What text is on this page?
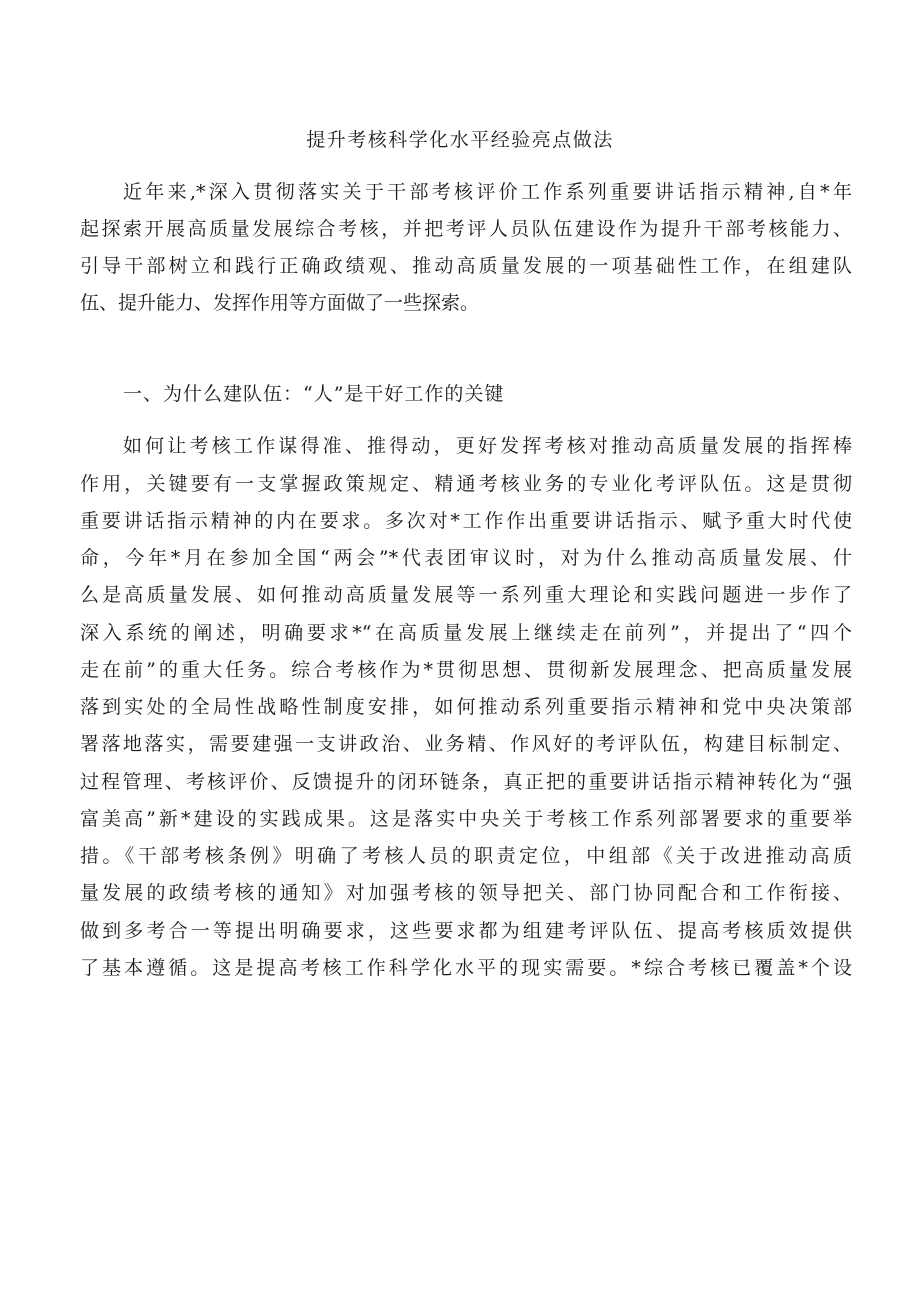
提升考核科学化水平经验亮点做法
近年来,*深入贯彻落实关于干部考核评价工作系列重要讲话指示精神,自*年
起探索开展高质量发展综合考核，并把考评人员队伍建设作为提升干部考核能力、
引导干部树立和践行正确政绩观、推动高质量发展的一项基础性工作，在组建队
伍、提升能力、发挥作用等方面做了一些探索。
一、为什么建队伍：“人”是干好工作的关键
如何让考核工作谋得准、推得动，更好发挥考核对推动高质量发展的指挥棒
作用，关键要有一支掌握政策规定、精通考核业务的专业化考评队伍。这是贯彻
重要讲话指示精神的内在要求。多次对*工作作出重要讲话指示、赋予重大时代使
命，今年*月在参加全国“两会”*代表团审议时，对为什么推动高质量发展、什
么是高质量发展、如何推动高质量发展等一系列重大理论和实践问题进一步作了
深入系统的阐述，明确要求*“在高质量发展上继续走在前列”，并提出了“四个
走在前”的重大任务。综合考核作为*贯彻思想、贯彻新发展理念、把高质量发展
落到实处的全局性战略性制度安排，如何推动系列重要指示精神和党中央决策部
署落地落实，需要建强一支讲政治、业务精、作风好的考评队伍，构建目标制定、
过程管理、考核评价、反馈提升的闭环链条，真正把的重要讲话指示精神转化为“强
富美高”新*建设的实践成果。这是落实中央关于考核工作系列部署要求的重要举
措。《干部考核条例》明确了考核人员的职责定位，中组部《关于改进推动高质
量发展的政绩考核的通知》对加强考核的领导把关、部门协同配合和工作衔接、
做到多考合一等提出明确要求，这些要求都为组建考评队伍、提高考核质效提供
了基本遵循。这是提高考核工作科学化水平的现实需要。*综合考核已覆盖*个设
